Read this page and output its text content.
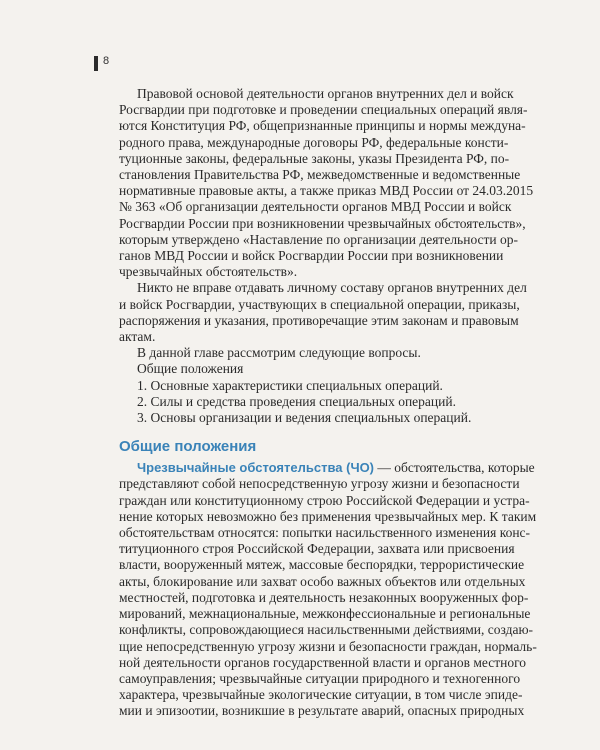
8
Правовой основой деятельности органов внутренних дел и войск
Росгвардии при подготовке и проведении специальных операций явля-
ются Конституция РФ, общепризнанные принципы и нормы междуна-
родного права, международные договоры РФ, федеральные консти-
туционные законы, федеральные законы, указы Президента РФ, по-
становления Правительства РФ, межведомственные и ведомственные
нормативные правовые акты, а также приказ МВД России от 24.03.2015
№ 363 «Об организации деятельности органов МВД России и войск
Росгвардии России при возникновении чрезвычайных обстоятельств»,
которым утверждено «Наставление по организации деятельности ор-
ганов МВД России и войск Росгвардии России при возникновении
чрезвычайных обстоятельств».
Никто не вправе отдавать личному составу органов внутренних дел
и войск Росгвардии, участвующих в специальной операции, приказы,
распоряжения и указания, противоречащие этим законам и правовым
актам.

В данной главе рассмотрим следующие вопросы.

Общие положения

1. Основные характеристики специальных операций.

2. Силы и средства проведения специальных операций.

3. Основы организации и ведения специальных операций.

Общие положения
Чрезвычайные обстоятельства (ЧО) — обстоятельства, которые
представляют собой непосредственную угрозу жизни и безопасности
граждан или конституционному строю Российской Федерации и устра-
нение которых невозможно без применения чрезвычайных мер. К таким
обстоятельствам относятся: попытки насильственного изменения конс-
титуционного строя Российской Федерации, захвата или присвоения
власти, вооруженный мятеж, массовые беспорядки, террористические
акты, блокирование или захват особо важных объектов или отдельных
местностей, подготовка и деятельность незаконных вооруженных фор-
мирований, межнациональные, межконфессиональные и региональные
конфликты, сопровождающиеся насильственными действиями, создаю-
щие непосредственную угрозу жизни и безопасности граждан, нормаль-
ной деятельности органов государственной власти и органов местного
самоуправления; чрезвычайные ситуации природного и техногенного
характера, чрезвычайные экологические ситуации, в том числе эпиде-
мии и эпизоотии, возникшие в результате аварий, опасных природных
